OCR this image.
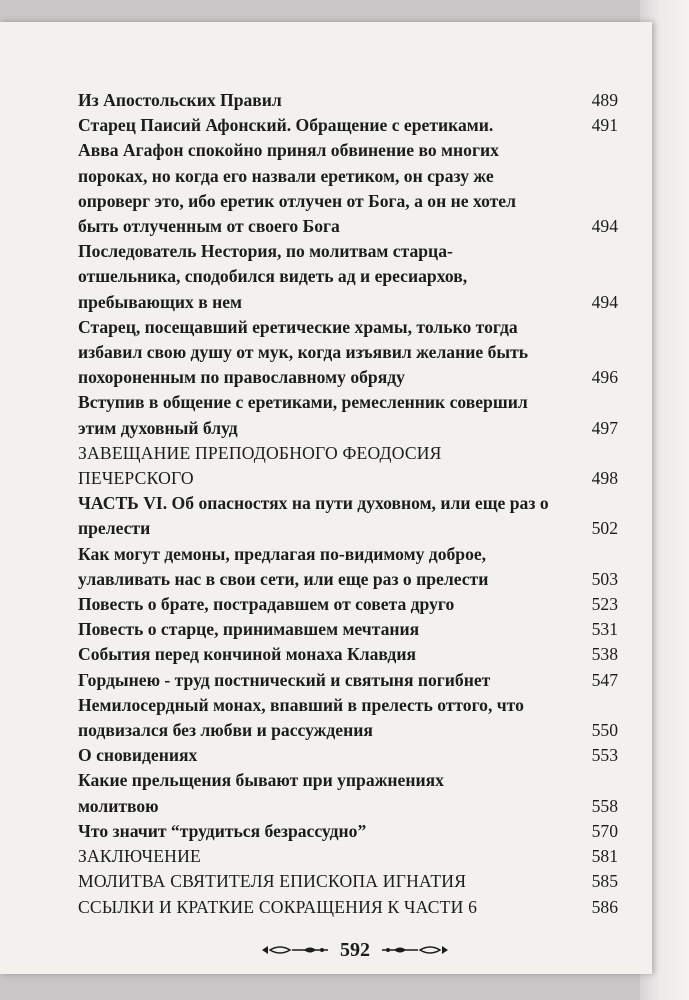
Из Апостольских Правил	489
Старец Паисий Афонский. Обращение с еретиками.	491
Авва Агафон спокойно принял обвинение во многих
пороках, но когда его назвали еретиком, он сразу же
опроверг это, ибо еретик отлучен от Бога, а он не хотел
быть отлученным от своего Бога	494
Последователь Нестория, по молитвам старца-
отшельника, сподобился видеть ад и ересиархов,
пребывающих в нем	494
Старец, посещавший еретические храмы, только тогда
избавил свою душу от мук, когда изъявил желание быть
похороненным по православному обряду	496
Вступив в общение с еретиками, ремесленник совершил
этим духовный блуд	497
ЗАВЕЩАНИЕ ПРЕПОДОБНОГО ФЕОДОСИЯ
ПЕЧЕРСКОГО	498
ЧАСТЬ VI. Об опасностях на пути духовном, или еще раз о
прелести	502
Как могут демоны, предлагая по-видимому доброе,
улавливать нас в свои сети, или еще раз о прелести	503
Повесть о брате, пострадавшем от совета друго	523
Повесть о старце, принимавшем мечтания	531
События перед кончиной монаха Клавдия	538
Гордынею - труд постнический и святыня погибнет	547
Немилосердный монах, впавший в прелесть оттого, что
подвизался без любви и рассуждения	550
О сновидениях	553
Какие прельщения бывают при упражнениях
молитвою	558
Что значит “трудиться безрассудно”	570
ЗАКЛЮЧЕНИЕ	581
МОЛИТВА СВЯТИТЕЛЯ ЕПИСКОПА ИГНАТИЯ	585
ССЫЛКИ И КРАТКИЕ СОКРАЩЕНИЯ К ЧАСТИ 6	586
592
